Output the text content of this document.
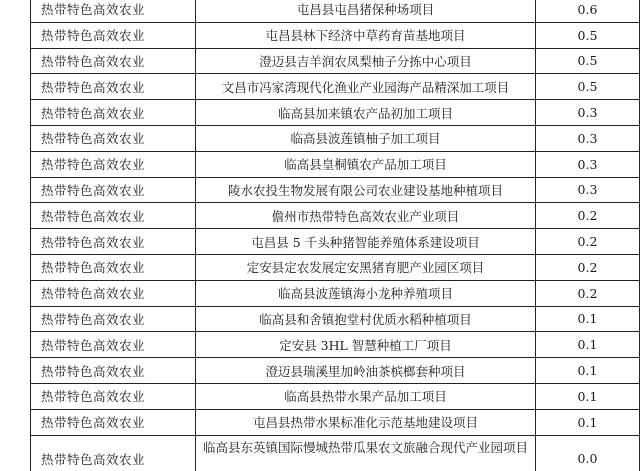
热带特色高效农业	屯昌县屯昌猪保种场项目	0.6
热带特色高效农业	屯昌县林下经济中草药育苗基地项目	0.5
热带特色高效农业	澄迈县吉羊润农凤梨柚子分拣中心项目	0.5
热带特色高效农业	文昌市冯家湾现代化渔业产业园海产品精深加工项目	0.5
热带特色高效农业	临高县加来镇农产品初加工项目	0.3
热带特色高效农业	临高县波莲镇柚子加工项目	0.3
热带特色高效农业	临高县皇桐镇农产品加工项目	0.3
热带特色高效农业	陵水农投生物发展有限公司农业建设基地种植项目	0.3
热带特色高效农业	儋州市热带特色高效农业产业项目	0.2
热带特色高效农业	屯昌县 5 千头种猪智能养殖体系建设项目	0.2
热带特色高效农业	定安县定农发展定安黑猪育肥产业园区项目	0.2
热带特色高效农业	临高县波莲镇海小龙种养殖项目	0.2
热带特色高效农业	临高县和舍镇抱堂村优质水稻种植项目	0.1
热带特色高效农业	定安县 3HL 智慧种植工厂项目	0.1
热带特色高效农业	澄迈县瑞溪里加岭油茶槟榔套种项目	0.1
热带特色高效农业	临高县热带水果产品加工项目	0.1
热带特色高效农业	屯昌县热带水果标准化示范基地建设项目	0.1
热带特色高效农业	临高县东英镇国际慢城热带瓜果农文旅融合现代产业园项目	0.0
